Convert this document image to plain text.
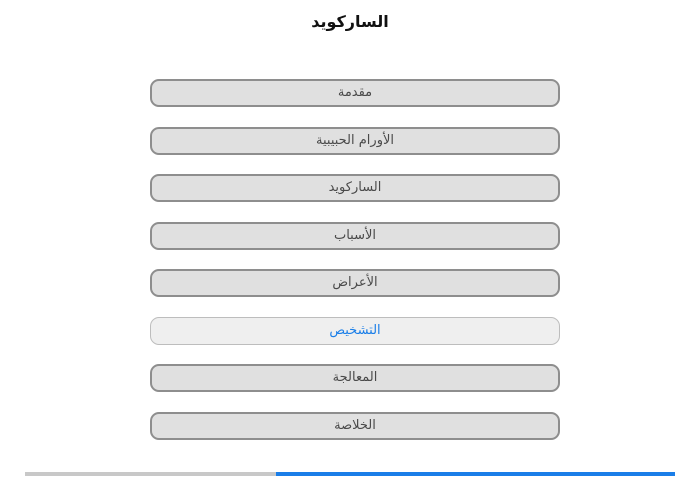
الساركويد
مقدمة
الأورام الحبيبية
الساركويد
الأسباب
الأعراض
التشخيص
المعالجة
الخلاصة
